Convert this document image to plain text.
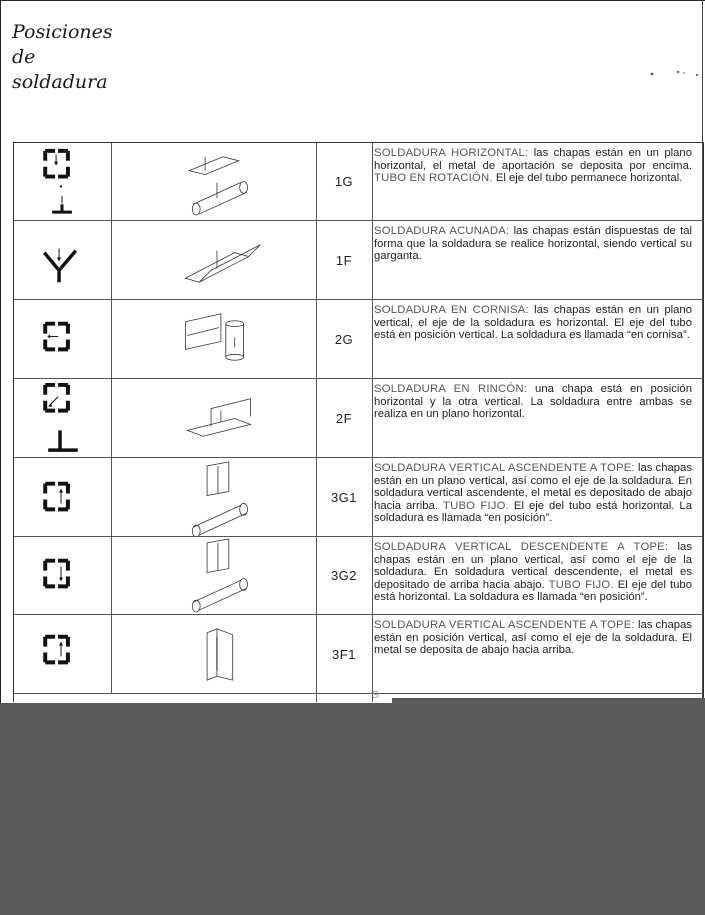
Posiciones
de
soldadura
1G
SOLDADURA HORIZONTAL: las chapas están en un plano horizontal, el metal de aportación se deposita por encima. TUBO EN ROTACIÓN. El eje del tubo permanece horizontal.
1F
SOLDADURA ACUNADA: las chapas están dispuestas de tal forma que la soldadura se realice horizontal, siendo vertical su garganta.
2G
SOLDADURA EN CORNISA: las chapas están en un plano vertical, el eje de la soldadura es horizontal. El eje del tubo está en posición vertical. La soldadura es llamada “en cornisa”.
2F
SOLDADURA EN RINCÓN: una chapa está en posición horizontal y la otra vertical. La soldadura entre ambas se realiza en un plano horizontal.
3G1
SOLDADURA VERTICAL ASCENDENTE A TOPE: las chapas están en un plano vertical, así como el eje de la soldadura. En soldadura vertical ascendente, el metal es depositado de abajo hacia arriba. TUBO FIJO. El eje del tubo está horizontal. La soldadura es llamada “en posición”.
3G2
SOLDADURA VERTICAL DESCENDENTE A TOPE: las chapas están en un plano vertical, así como el eje de la soldadura. En soldadura vertical descendente, el metal es depositado de arriba hacia abajo. TUBO FIJO. El eje del tubo está horizontal. La soldadura es llamada “en posición”.
3F1
SOLDADURA VERTICAL ASCENDENTE A TOPE: las chapas están en posición vertical, así como el eje de la soldadura. El metal se deposita de abajo hacia arriba.
S
